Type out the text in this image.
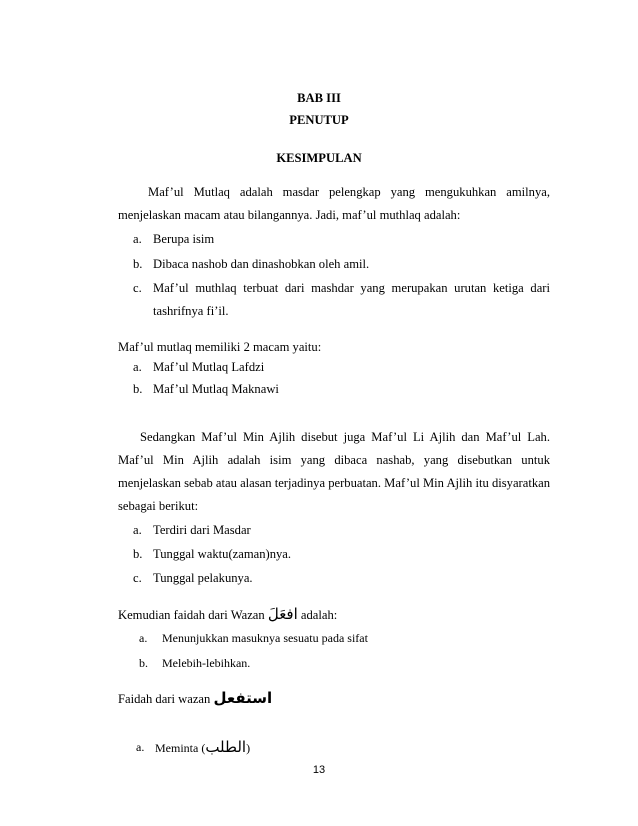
BAB III
PENUTUP
KESIMPULAN
Maf’ul Mutlaq adalah masdar pelengkap yang mengukuhkan amilnya,
menjelaskan macam atau bilangannya. Jadi, maf’ul muthlaq adalah:
a. Berupa isim
b. Dibaca nashob dan dinashobkan oleh amil.
c. Maf’ul muthlaq terbuat dari mashdar yang merupakan urutan ketiga dari
tashrifnya fi’il.
Maf’ul mutlaq memiliki 2 macam yaitu:
a. Maf’ul Mutlaq Lafdzi
b. Maf’ul Mutlaq Maknawi
Sedangkan Maf’ul Min Ajlih disebut juga Maf’ul Li Ajlih dan Maf’ul Lah.
Maf’ul Min Ajlih adalah isim yang dibaca nashab, yang disebutkan untuk
menjelaskan sebab atau alasan terjadinya perbuatan. Maf’ul Min Ajlih itu disyaratkan
sebagai berikut:
a. Terdiri dari Masdar
b. Tunggal waktu(zaman)nya.
c. Tunggal pelakunya.
Kemudian faidah dari Wazan افعَلَ adalah:
a. Menunjukkan masuknya sesuatu pada sifat
b. Melebih-lebihkan.
Faidah dari wazan استفعل
a. Meminta (الطلب)
13
